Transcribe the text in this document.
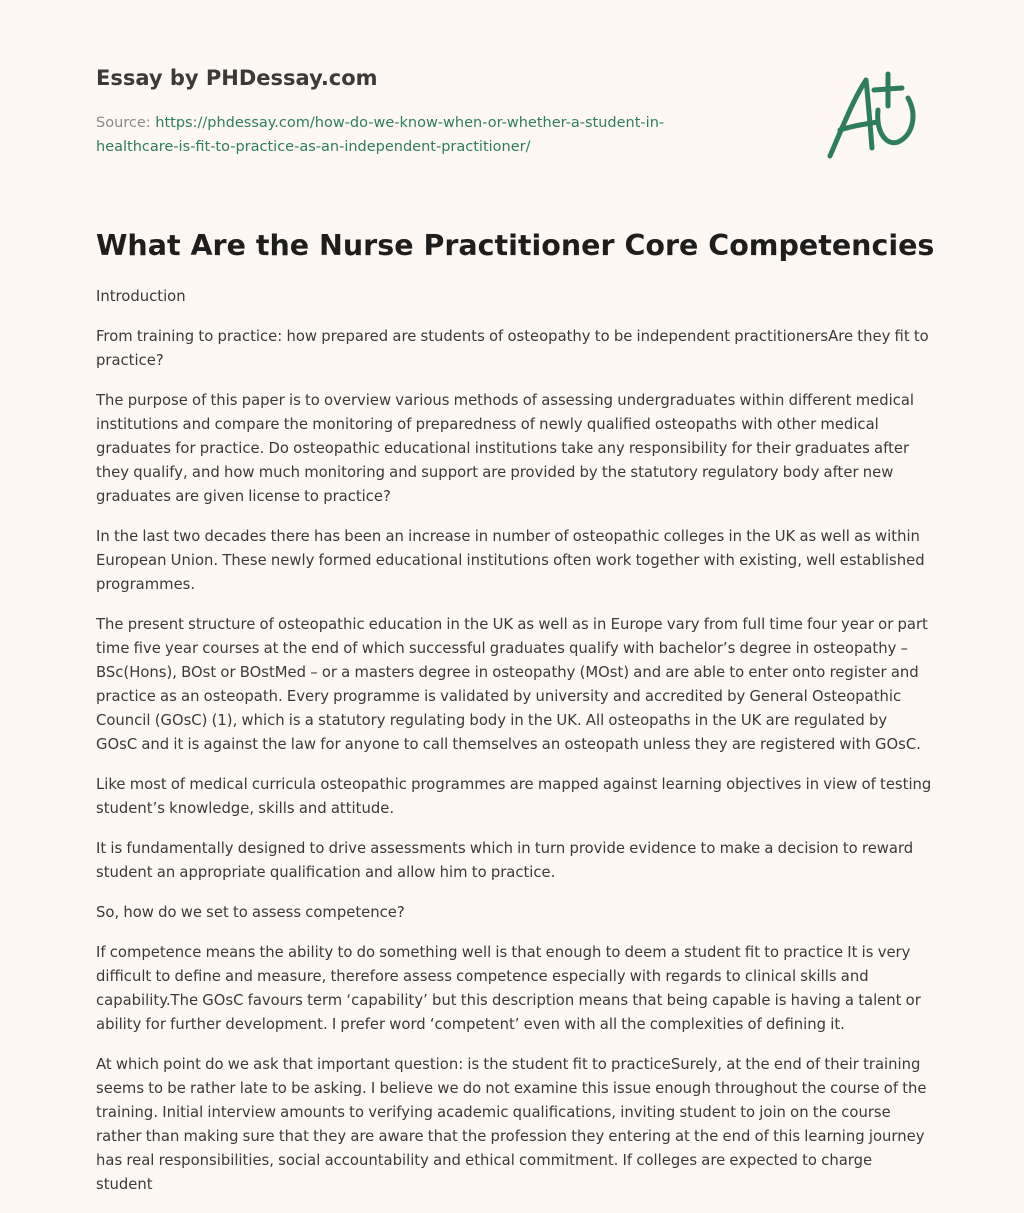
Essay by PHDessay.com

Source: https://phdessay.com/how-do-we-know-when-or-whether-a-student-in-healthcare-is-fit-to-practice-as-an-independent-practitioner/

What Are the Nurse Practitioner Core Competencies

Introduction

From training to practice: how prepared are students of osteopathy to be independent practitionersAre they fit to practice?

The purpose of this paper is to overview various methods of assessing undergraduates within different medical institutions and compare the monitoring of preparedness of newly qualified osteopaths with other medical graduates for practice. Do osteopathic educational institutions take any responsibility for their graduates after they qualify, and how much monitoring and support are provided by the statutory regulatory body after new graduates are given license to practice?

In the last two decades there has been an increase in number of osteopathic colleges in the UK as well as within European Union. These newly formed educational institutions often work together with existing, well established programmes.

The present structure of osteopathic education in the UK as well as in Europe vary from full time four year or part time five year courses at the end of which successful graduates qualify with bachelor’s degree in osteopathy – BSc(Hons), BOst or BOstMed – or a masters degree in osteopathy (MOst) and are able to enter onto register and practice as an osteopath. Every programme is validated by university and accredited by General Osteopathic Council (GOsC) (1), which is a statutory regulating body in the UK. All osteopaths in the UK are regulated by GOsC and it is against the law for anyone to call themselves an osteopath unless they are registered with GOsC.

Like most of medical curricula osteopathic programmes are mapped against learning objectives in view of testing student’s knowledge, skills and attitude.

It is fundamentally designed to drive assessments which in turn provide evidence to make a decision to reward student an appropriate qualification and allow him to practice.

So, how do we set to assess competence?

If competence means the ability to do something well is that enough to deem a student fit to practice It is very difficult to define and measure, therefore assess competence especially with regards to clinical skills and capability.The GOsC favours term ‘capability’ but this description means that being capable is having a talent or ability for further development. I prefer word ‘competent’ even with all the complexities of defining it.

At which point do we ask that important question: is the student fit to practiceSurely, at the end of their training seems to be rather late to be asking. I believe we do not examine this issue enough throughout the course of the training. Initial interview amounts to verifying academic qualifications, inviting student to join on the course rather than making sure that they are aware that the profession they entering at the end of this learning journey has real responsibilities, social accountability and ethical commitment. If colleges are expected to charge student
